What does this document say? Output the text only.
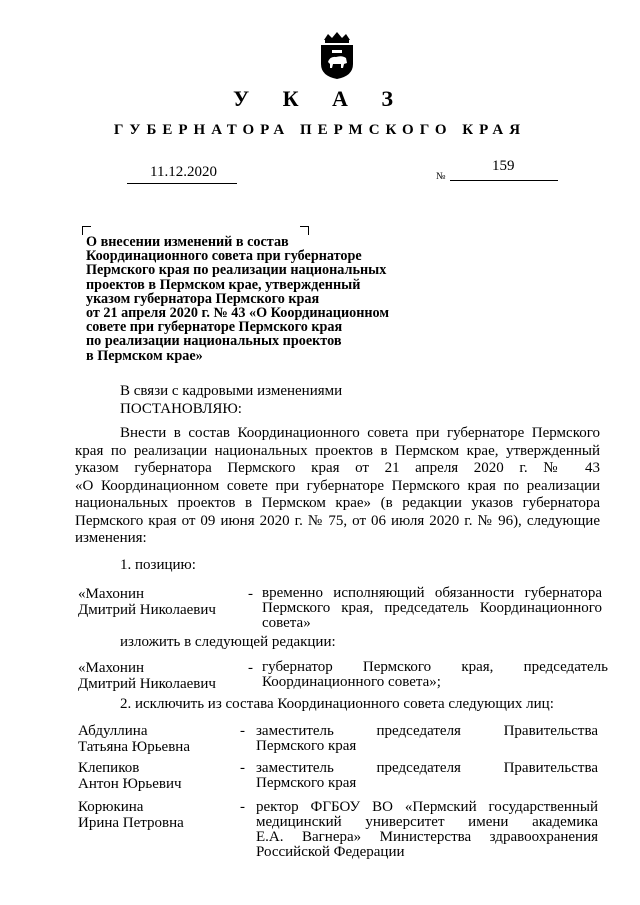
У К А З
ГУБЕРНАТОРА ПЕРМСКОГО КРАЯ
11.12.2020	№
159
О внесении изменений в состав
Координационного совета при губернаторе
Пермского края по реализации национальных
проектов в Пермском крае, утвержденный
указом губернатора Пермского края
от 21 апреля 2020 г. № 43 «О Координационном
совете при губернаторе Пермского края
по реализации национальных проектов
в Пермском крае»
В связи с кадровыми изменениями
ПОСТАНОВЛЯЮ:
Внести в состав Координационного совета при губернаторе Пермского
края по реализации национальных проектов в Пермском крае, утвержденный
указом губернатора Пермского края от 21 апреля 2020 г. № 43
«О Координационном совете при губернаторе Пермского края по реализации
национальных проектов в Пермском крае» (в редакции указов губернатора
Пермского края от 09 июня 2020 г. № 75, от 06 июля 2020 г. № 96), следующие
изменения:
1. позицию:
«Махонин
Дмитрий Николаевич
- временно исполняющий обязанности губернатора
Пермского края, председатель Координационного
совета»
изложить в следующей редакции:
«Махонин
Дмитрий Николаевич
- губернатор Пермского края, председатель
Координационного совета»;
2. исключить из состава Координационного совета следующих лиц:
Абдуллина
Татьяна Юрьевна
- заместитель председателя Правительства
Пермского края
Клепиков
Антон Юрьевич
- заместитель председателя Правительства
Пермского края
Корюкина
Ирина Петровна
- ректор ФГБОУ ВО «Пермский государственный
медицинский университет имени академика
Е.А. Вагнера» Министерства здравоохранения
Российской Федерации
